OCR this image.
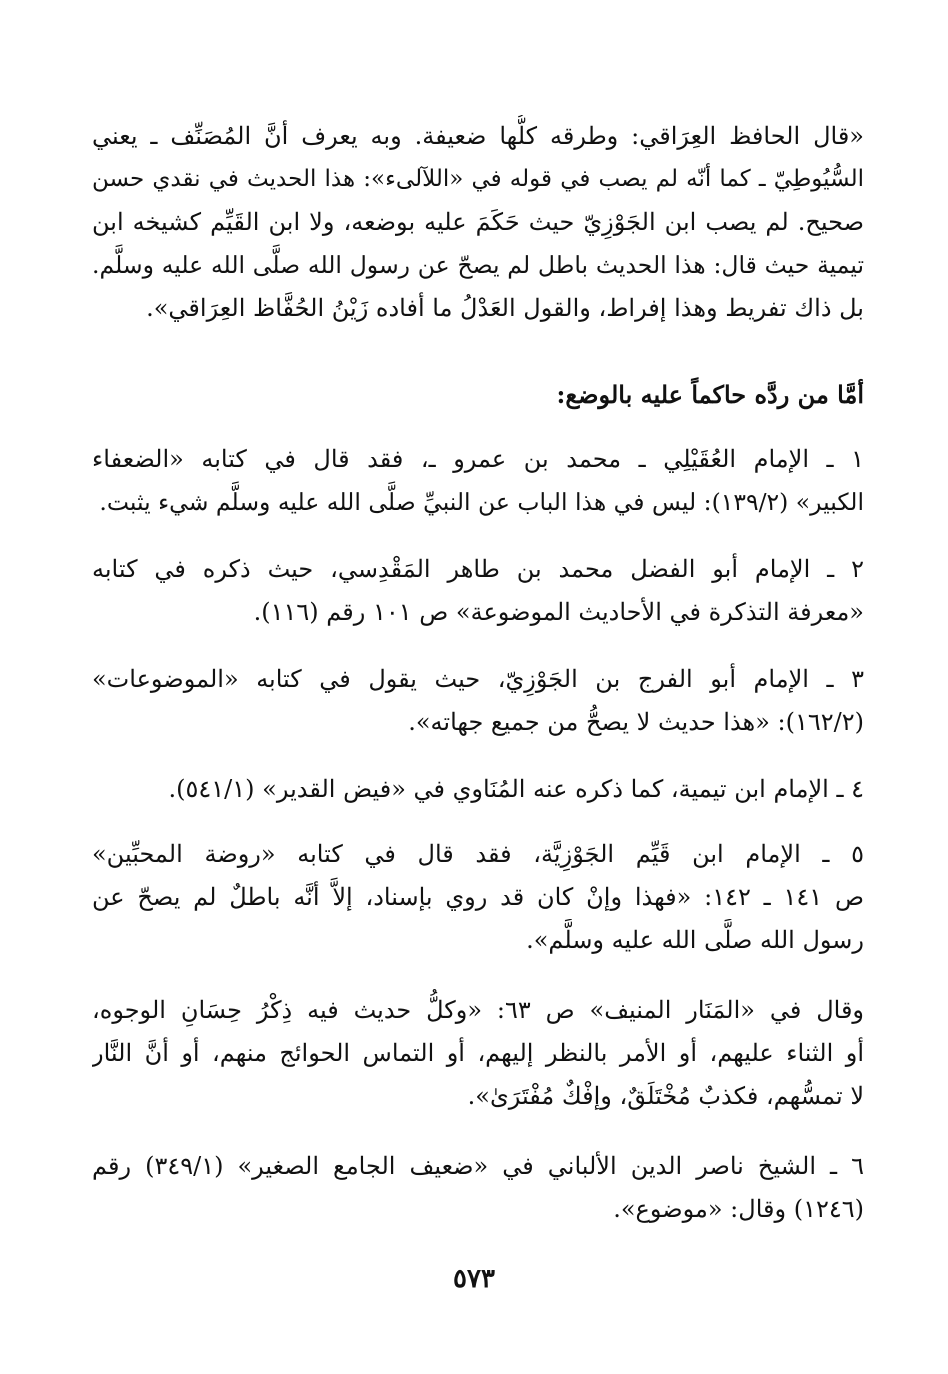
«قال الحافظ العِرَاقي: وطرقه كلُّها ضعيفة. وبه يعرف أنَّ المُصَنِّف ـ يعني
السُّيُوطِيّ ـ كما أنّه لم يصب في قوله في «اللآلىء»: هذا الحديث في نقدي حسن
صحيح. لم يصب ابن الجَوْزِيّ حيث حَكَمَ عليه بوضعه، ولا ابن القَيِّم كشيخه ابن
تيمية حيث قال: هذا الحديث باطل لم يصحّ عن رسول الله صلَّى الله عليه وسلَّم.
بل ذاك تفريط وهذا إفراط، والقول العَدْلُ ما أفاده زَيْنُ الحُفَّاظ العِرَاقي».
أمَّا من ردَّه حاكماً عليه بالوضع:
١ ـ الإمام العُقَيْلِي ـ محمد بن عمرو ـ، فقد قال في كتابه «الضعفاء
الكبير» (١٣٩/٢): ليس في هذا الباب عن النبيِّ صلَّى الله عليه وسلَّم شيء يثبت.
٢ ـ الإمام أبو الفضل محمد بن طاهر المَقْدِسي، حيث ذكره في كتابه
«معرفة التذكرة في الأحاديث الموضوعة» ص ١٠١ رقم (١١٦).
٣ ـ الإمام أبو الفرج بن الجَوْزِيّ، حيث يقول في كتابه «الموضوعات»
(١٦٢/٢): «هذا حديث لا يصحُّ من جميع جهاته».
٤ ـ الإمام ابن تيمية، كما ذكره عنه المُنَاوي في «فيض القدير» (٥٤١/١).
٥ ـ الإمام ابن قَيِّم الجَوْزِيَّة، فقد قال في كتابه «روضة المحبِّين»
ص ١٤١ ـ ١٤٢: «فهذا وإنْ كان قد روي بإسناد، إلاَّ أنَّه باطلٌ لم يصحّ عن
رسول الله صلَّى الله عليه وسلَّم».
وقال في «المَنَار المنيف» ص ٦٣: «وكلُّ حديث فيه ذِكْرُ حِسَانِ الوجوه،
أو الثناء عليهم، أو الأمر بالنظر إليهم، أو التماس الحوائج منهم، أو أنَّ النَّار
لا تمسُّهم، فكذبٌ مُخْتَلَقٌ، وإفْكٌ مُفْتَرَىٰ».
٦ ـ الشيخ ناصر الدين الألباني في «ضعيف الجامع الصغير» (٣٤٩/١) رقم
(١٢٤٦) وقال: «موضوع».
٥٧٣
